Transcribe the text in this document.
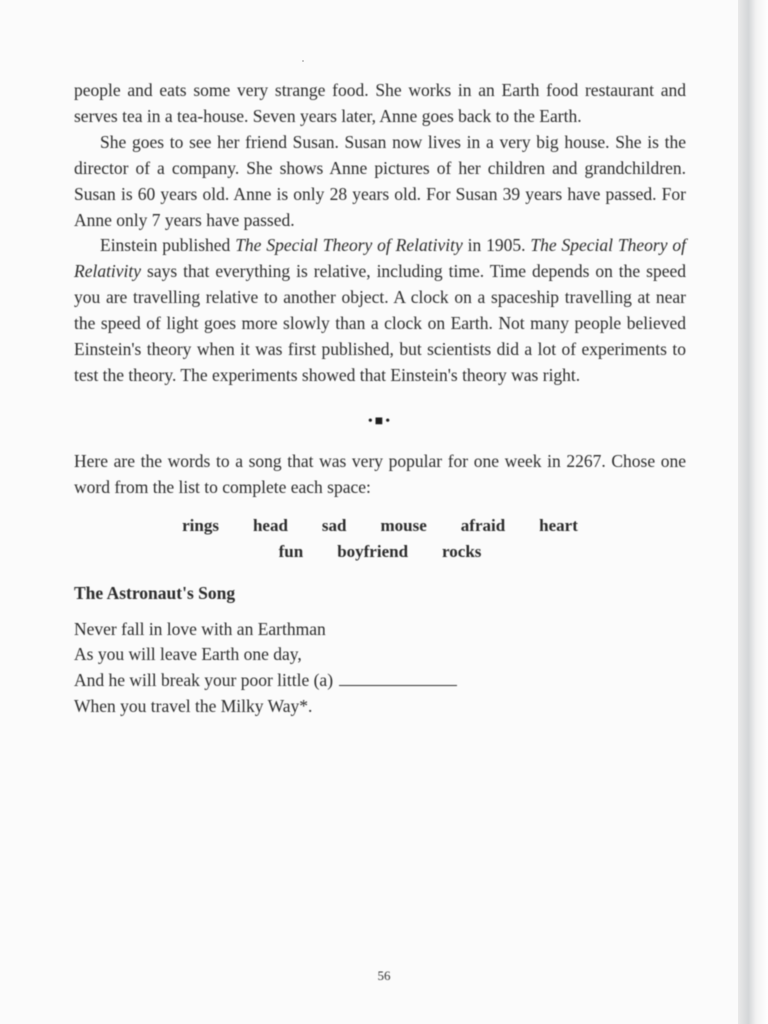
people and eats some very strange food. She works in an Earth food restaurant and serves tea in a tea-house. Seven years later, Anne goes back to the Earth.

She goes to see her friend Susan. Susan now lives in a very big house. She is the director of a company. She shows Anne pictures of her children and grandchildren. Susan is 60 years old. Anne is only 28 years old. For Susan 39 years have passed. For Anne only 7 years have passed.

Einstein published The Special Theory of Relativity in 1905. The Special Theory of Relativity says that everything is relative, including time. Time depends on the speed you are travelling relative to another object. A clock on a spaceship travelling at near the speed of light goes more slowly than a clock on Earth. Not many people believed Einstein's theory when it was first published, but scientists did a lot of experiments to test the theory. The experiments showed that Einstein's theory was right.

•■•

Here are the words to a song that was very popular for one week in 2267. Chose one word from the list to complete each space:

rings head sad mouse afraid heart
fun boyfriend rocks
The Astronaut's Song

Never fall in love with an Earthman

As you will leave Earth one day,

And he will break your poor little (a)

When you travel the Milky Way*.

56
